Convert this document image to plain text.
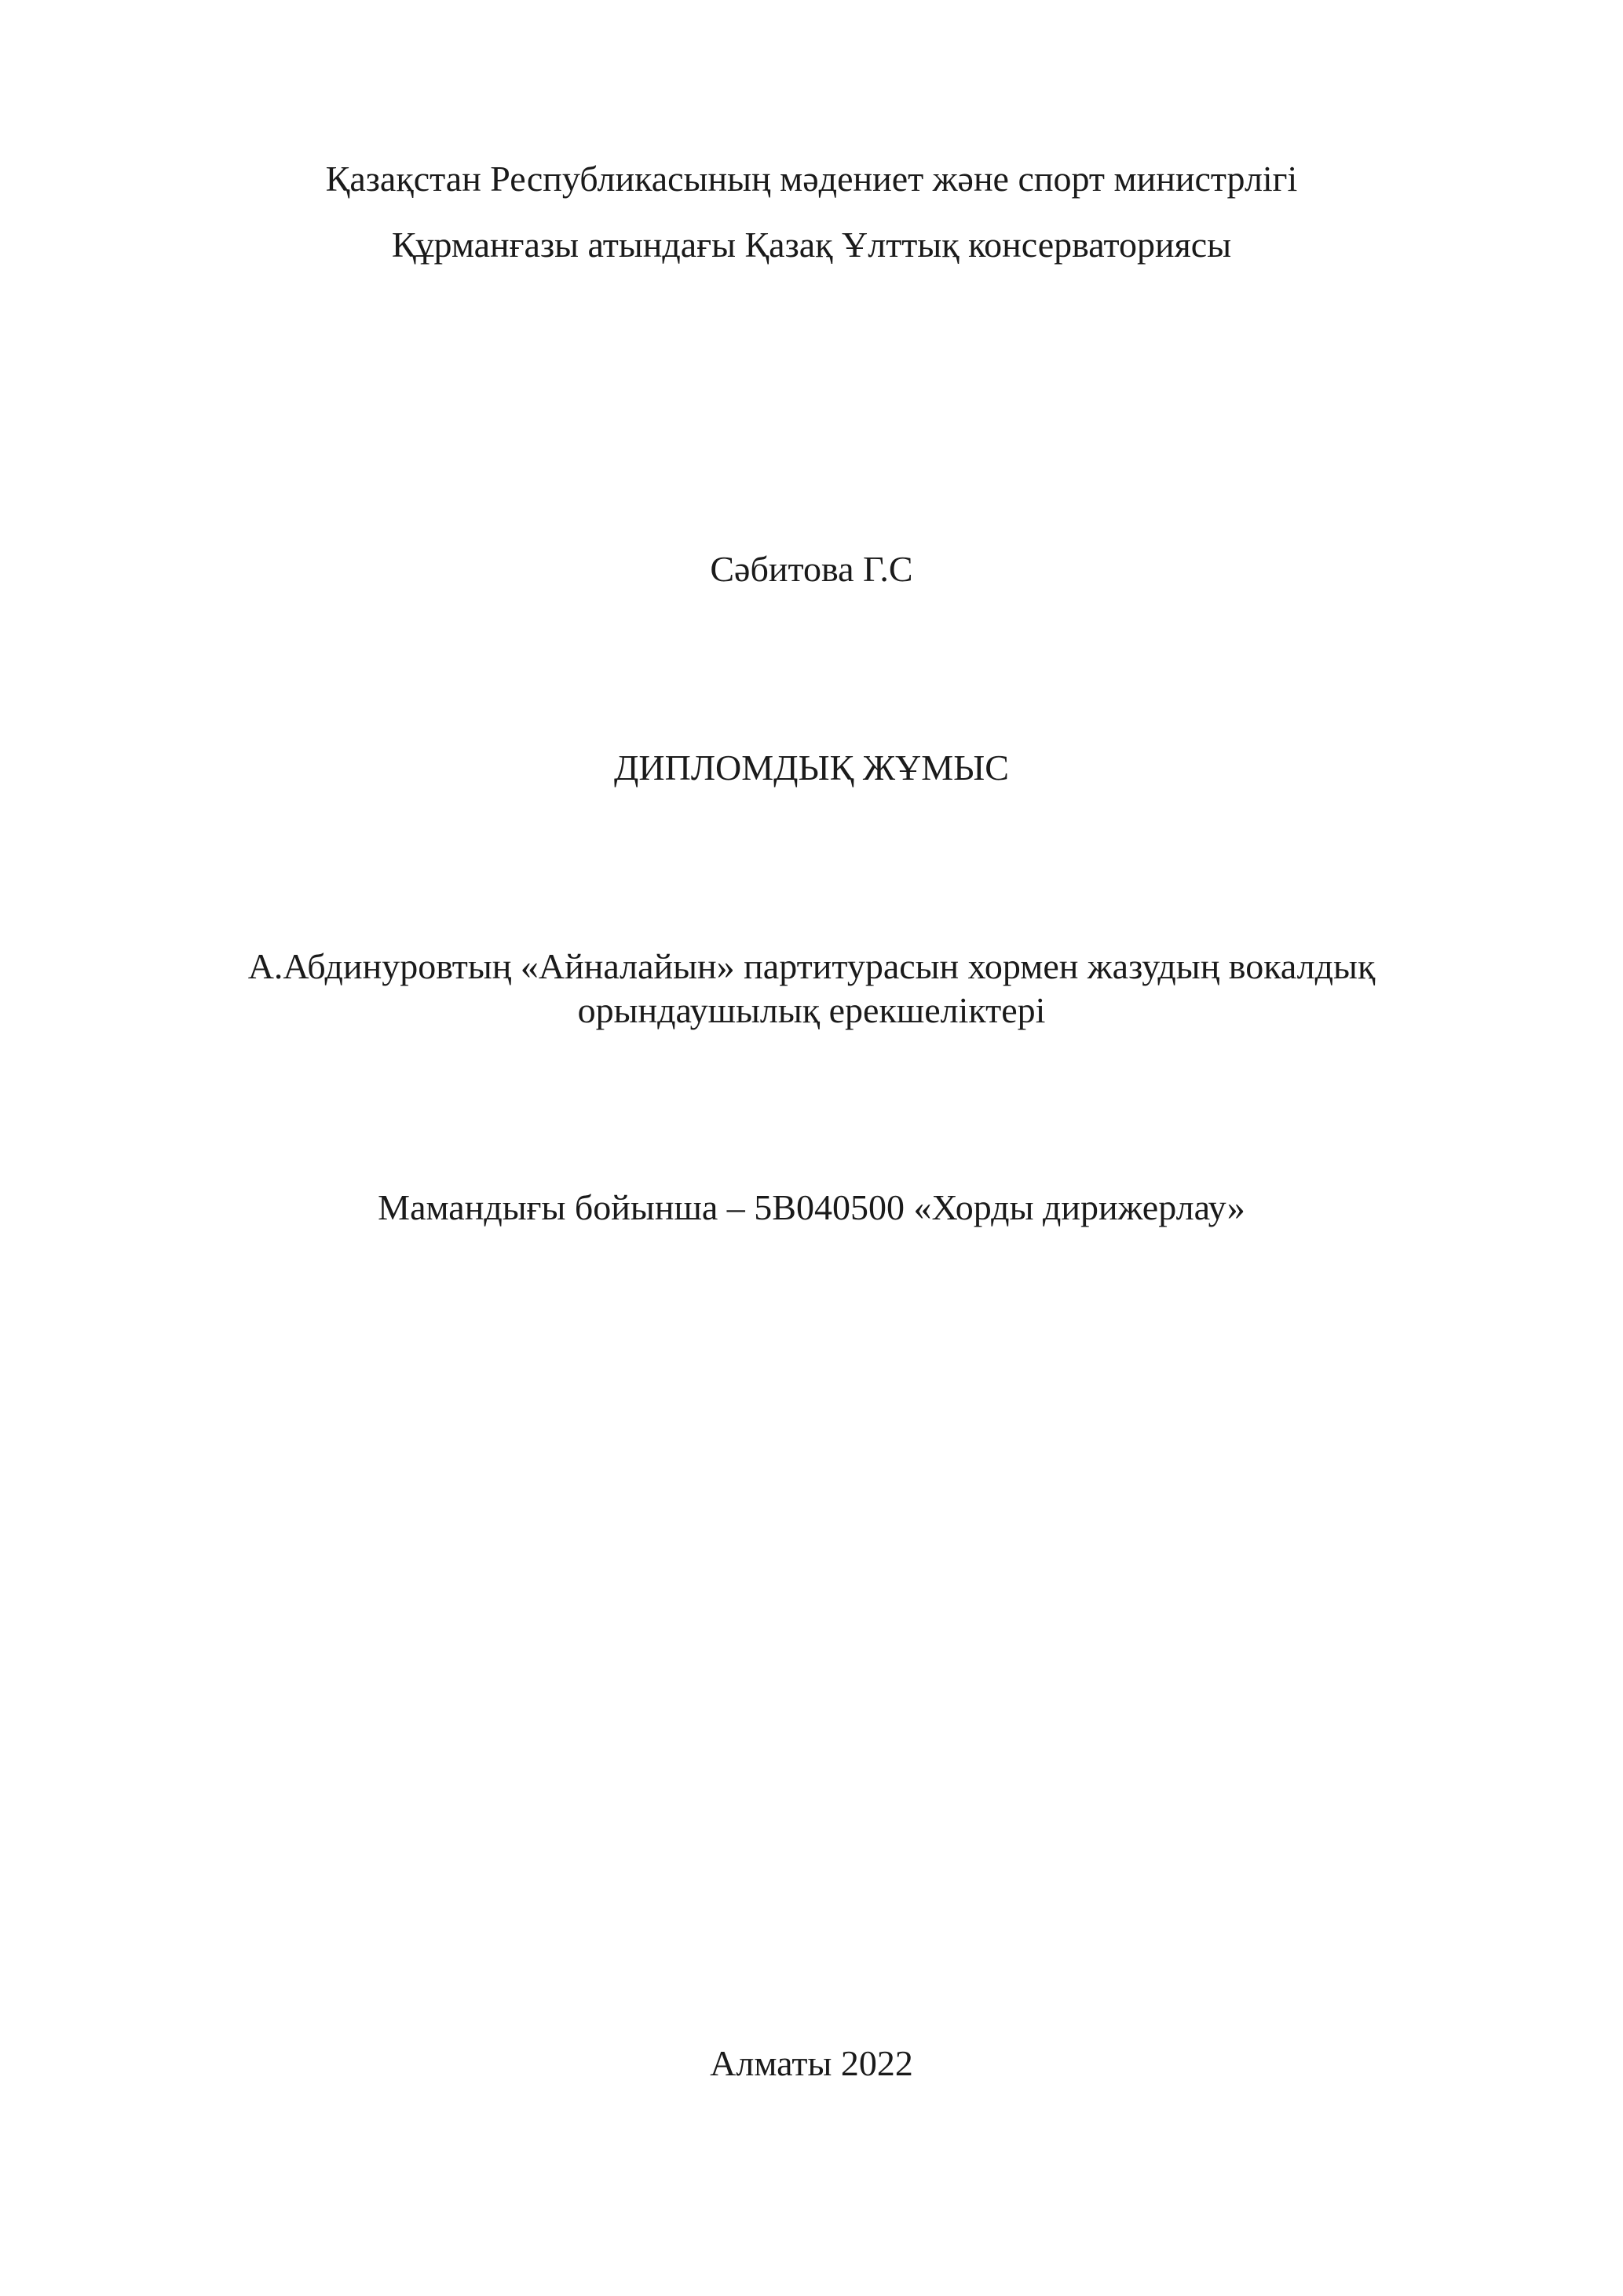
Қазақстан Республикасының мәдениет және спорт министрлігі
Құрманғазы атындағы Қазақ Ұлттық консерваториясы
Сәбитова Г.С
ДИПЛОМДЫҚ ЖҰМЫС
А.Абдинуровтың «Айналайын» партитурасын хормен жазудың вокалдық
орындаушылық ерекшеліктері
Мамандығы бойынша – 5В040500 «Хорды дирижерлау»
Алматы 2022
